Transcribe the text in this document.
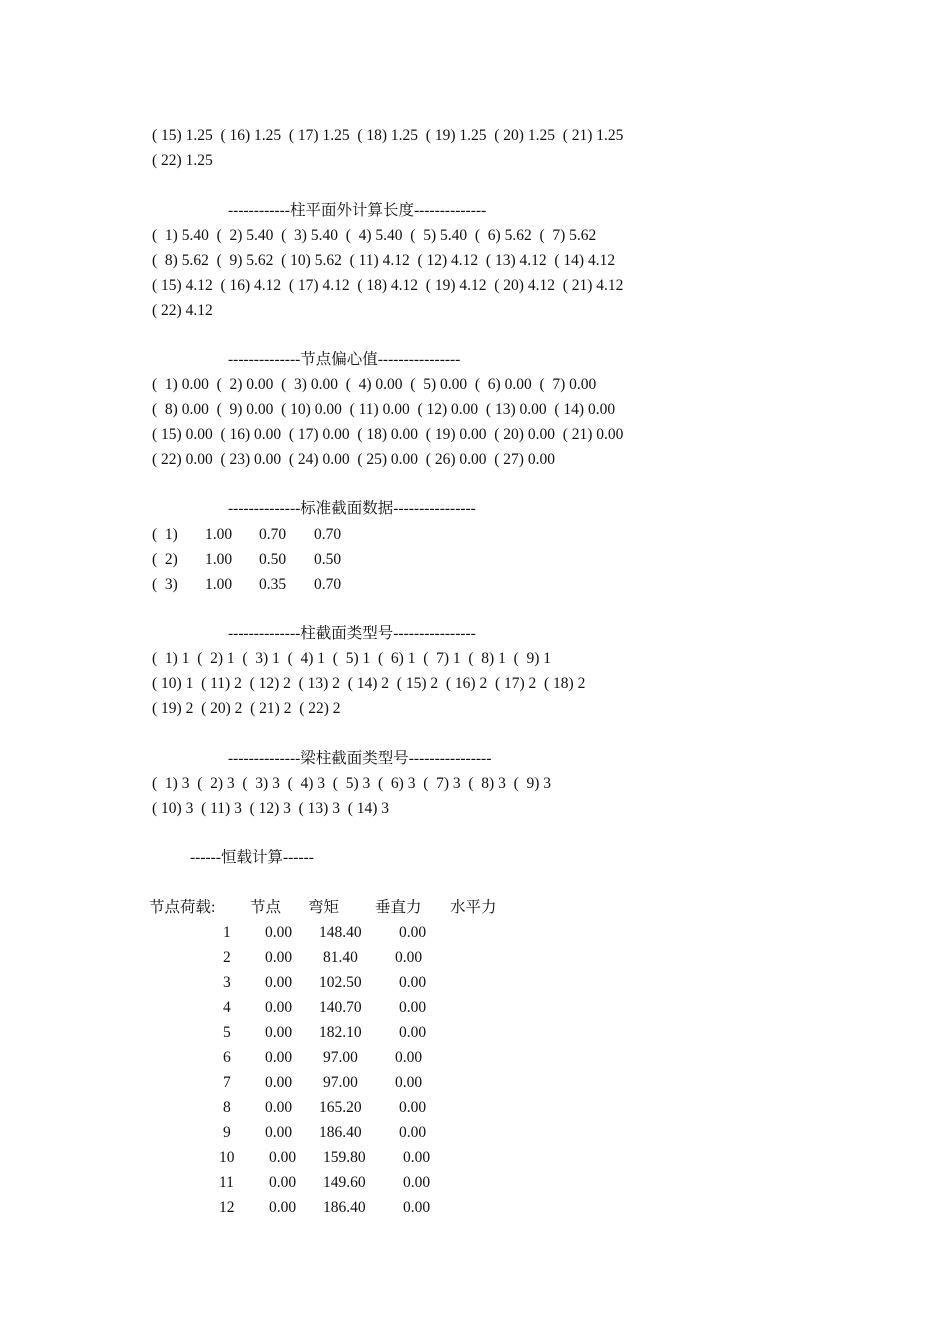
( 15) 1.25  ( 16) 1.25  ( 17) 1.25  ( 18) 1.25  ( 19) 1.25  ( 20) 1.25  ( 21) 1.25
( 22) 1.25
------------柱平面外计算长度--------------
(  1) 5.40  (  2) 5.40  (  3) 5.40  (  4) 5.40  (  5) 5.40  (  6) 5.62  (  7) 5.62
(  8) 5.62  (  9) 5.62  ( 10) 5.62  ( 11) 4.12  ( 12) 4.12  ( 13) 4.12  ( 14) 4.12
( 15) 4.12  ( 16) 4.12  ( 17) 4.12  ( 18) 4.12  ( 19) 4.12  ( 20) 4.12  ( 21) 4.12
( 22) 4.12
--------------节点偏心值----------------
(  1) 0.00  (  2) 0.00  (  3) 0.00  (  4) 0.00  (  5) 0.00  (  6) 0.00  (  7) 0.00
(  8) 0.00  (  9) 0.00  ( 10) 0.00  ( 11) 0.00  ( 12) 0.00  ( 13) 0.00  ( 14) 0.00
( 15) 0.00  ( 16) 0.00  ( 17) 0.00  ( 18) 0.00  ( 19) 0.00  ( 20) 0.00  ( 21) 0.00
( 22) 0.00  ( 23) 0.00  ( 24) 0.00  ( 25) 0.00  ( 26) 0.00  ( 27) 0.00
--------------标准截面数据----------------
(  1) 1.00 0.70 0.70
(  2) 1.00 0.50 0.50
(  3) 1.00 0.35 0.70
--------------柱截面类型号----------------
(  1) 1  (  2) 1  (  3) 1  (  4) 1  (  5) 1  (  6) 1  (  7) 1  (  8) 1  (  9) 1
( 10) 1  ( 11) 2  ( 12) 2  ( 13) 2  ( 14) 2  ( 15) 2  ( 16) 2  ( 17) 2  ( 18) 2
( 19) 2  ( 20) 2  ( 21) 2  ( 22) 2
--------------梁柱截面类型号----------------
(  1) 3  (  2) 3  (  3) 3  (  4) 3  (  5) 3  (  6) 3  (  7) 3  (  8) 3  (  9) 3
( 10) 3  ( 11) 3  ( 12) 3  ( 13) 3  ( 14) 3
------恒载计算------
节点荷载: 节点 弯矩 垂直力 水平力
1 0.00 148.40 0.00
2 0.00 81.40 0.00
3 0.00 102.50 0.00
4 0.00 140.70 0.00
5 0.00 182.10 0.00
6 0.00 97.00 0.00
7 0.00 97.00 0.00
8 0.00 165.20 0.00
9 0.00 186.40 0.00
10 0.00 159.80 0.00
11 0.00 149.60 0.00
12 0.00 186.40 0.00
